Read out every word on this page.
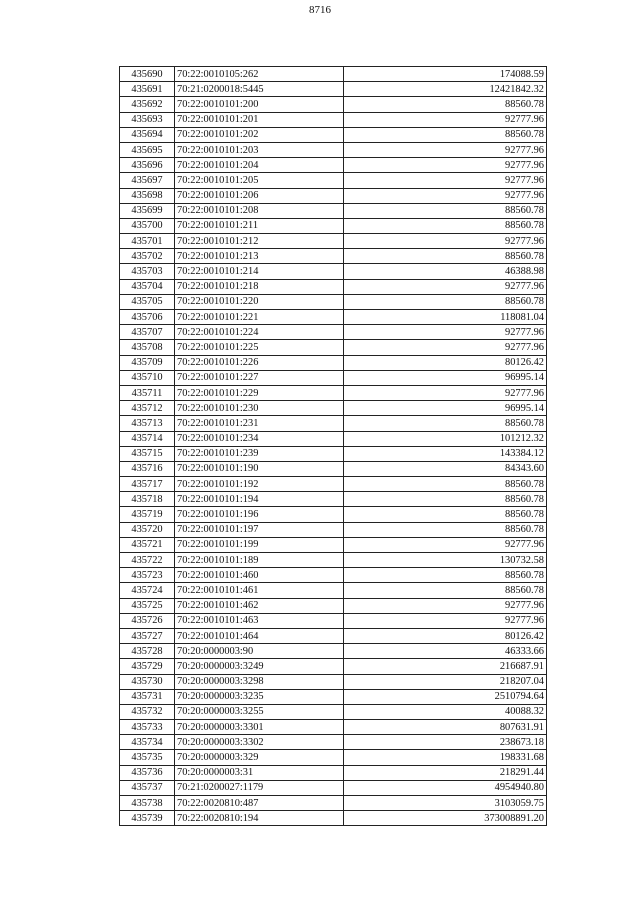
8716
435690	70:22:0010105:262	174088.59
435691	70:21:0200018:5445	12421842.32
435692	70:22:0010101:200	88560.78
435693	70:22:0010101:201	92777.96
435694	70:22:0010101:202	88560.78
435695	70:22:0010101:203	92777.96
435696	70:22:0010101:204	92777.96
435697	70:22:0010101:205	92777.96
435698	70:22:0010101:206	92777.96
435699	70:22:0010101:208	88560.78
435700	70:22:0010101:211	88560.78
435701	70:22:0010101:212	92777.96
435702	70:22:0010101:213	88560.78
435703	70:22:0010101:214	46388.98
435704	70:22:0010101:218	92777.96
435705	70:22:0010101:220	88560.78
435706	70:22:0010101:221	118081.04
435707	70:22:0010101:224	92777.96
435708	70:22:0010101:225	92777.96
435709	70:22:0010101:226	80126.42
435710	70:22:0010101:227	96995.14
435711	70:22:0010101:229	92777.96
435712	70:22:0010101:230	96995.14
435713	70:22:0010101:231	88560.78
435714	70:22:0010101:234	101212.32
435715	70:22:0010101:239	143384.12
435716	70:22:0010101:190	84343.60
435717	70:22:0010101:192	88560.78
435718	70:22:0010101:194	88560.78
435719	70:22:0010101:196	88560.78
435720	70:22:0010101:197	88560.78
435721	70:22:0010101:199	92777.96
435722	70:22:0010101:189	130732.58
435723	70:22:0010101:460	88560.78
435724	70:22:0010101:461	88560.78
435725	70:22:0010101:462	92777.96
435726	70:22:0010101:463	92777.96
435727	70:22:0010101:464	80126.42
435728	70:20:0000003:90	46333.66
435729	70:20:0000003:3249	216687.91
435730	70:20:0000003:3298	218207.04
435731	70:20:0000003:3235	2510794.64
435732	70:20:0000003:3255	40088.32
435733	70:20:0000003:3301	807631.91
435734	70:20:0000003:3302	238673.18
435735	70:20:0000003:329	198331.68
435736	70:20:0000003:31	218291.44
435737	70:21:0200027:1179	4954940.80
435738	70:22:0020810:487	3103059.75
435739	70:22:0020810:194	373008891.20
